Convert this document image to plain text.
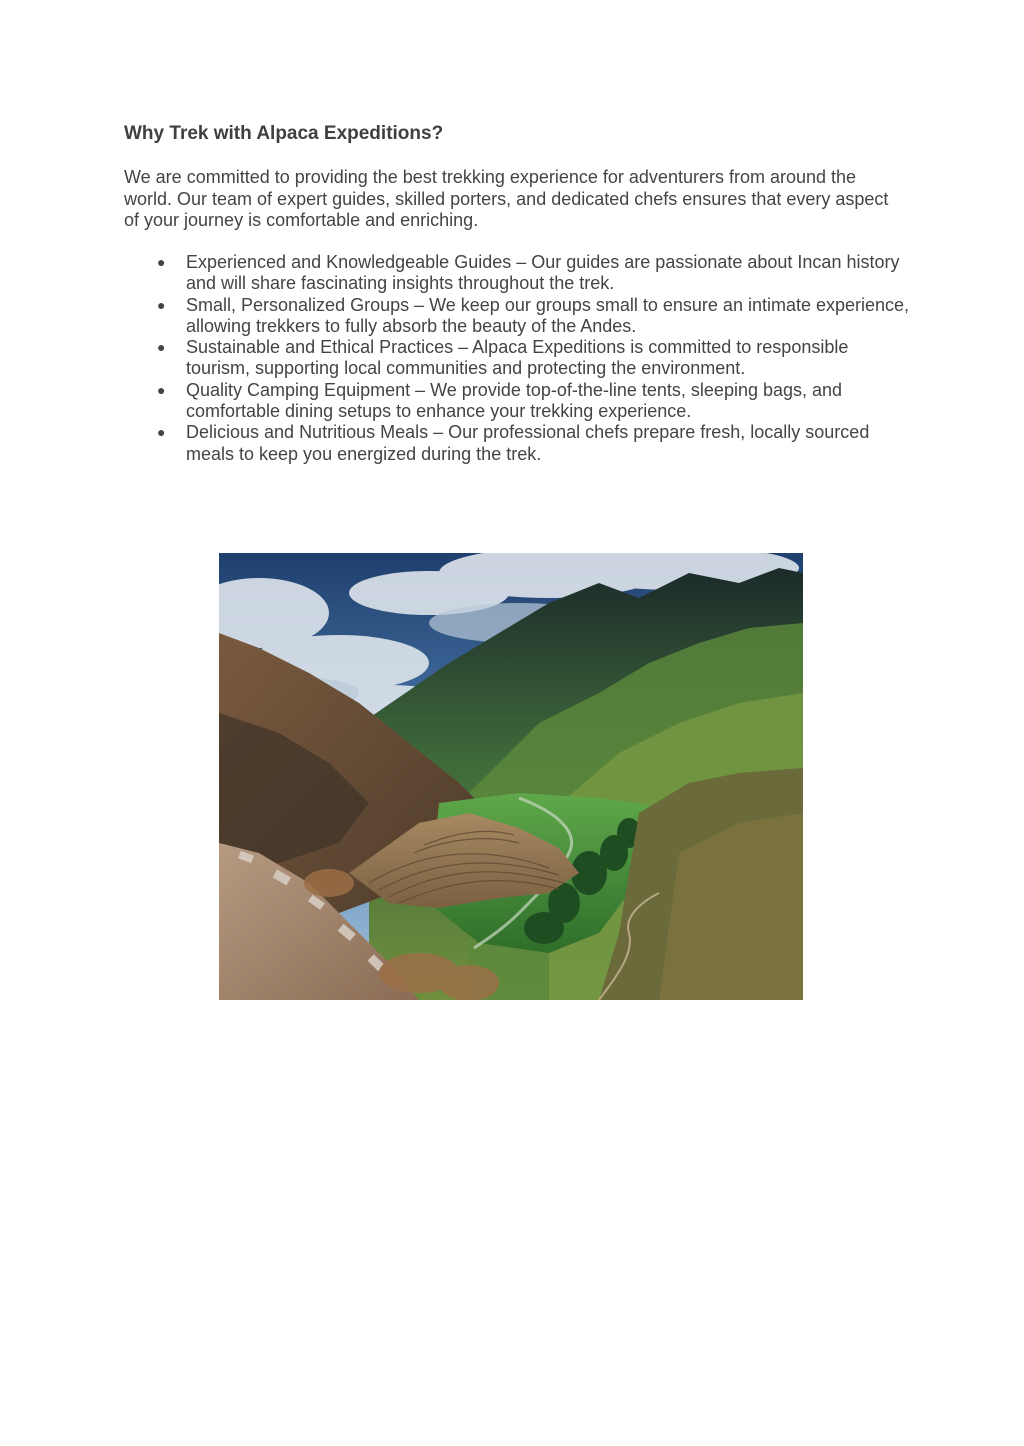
Why Trek with Alpaca Expeditions?

We are committed to providing the best trekking experience for adventurers from around the world. Our team of expert guides, skilled porters, and dedicated chefs ensures that every aspect of your journey is comfortable and enriching.

● Experienced and Knowledgeable Guides – Our guides are passionate about Incan history and will share fascinating insights throughout the trek.
● Small, Personalized Groups – We keep our groups small to ensure an intimate experience, allowing trekkers to fully absorb the beauty of the Andes.
● Sustainable and Ethical Practices – Alpaca Expeditions is committed to responsible tourism, supporting local communities and protecting the environment.
● Quality Camping Equipment – We provide top-of-the-line tents, sleeping bags, and comfortable dining setups to enhance your trekking experience.
● Delicious and Nutritious Meals – Our professional chefs prepare fresh, locally sourced meals to keep you energized during the trek.
